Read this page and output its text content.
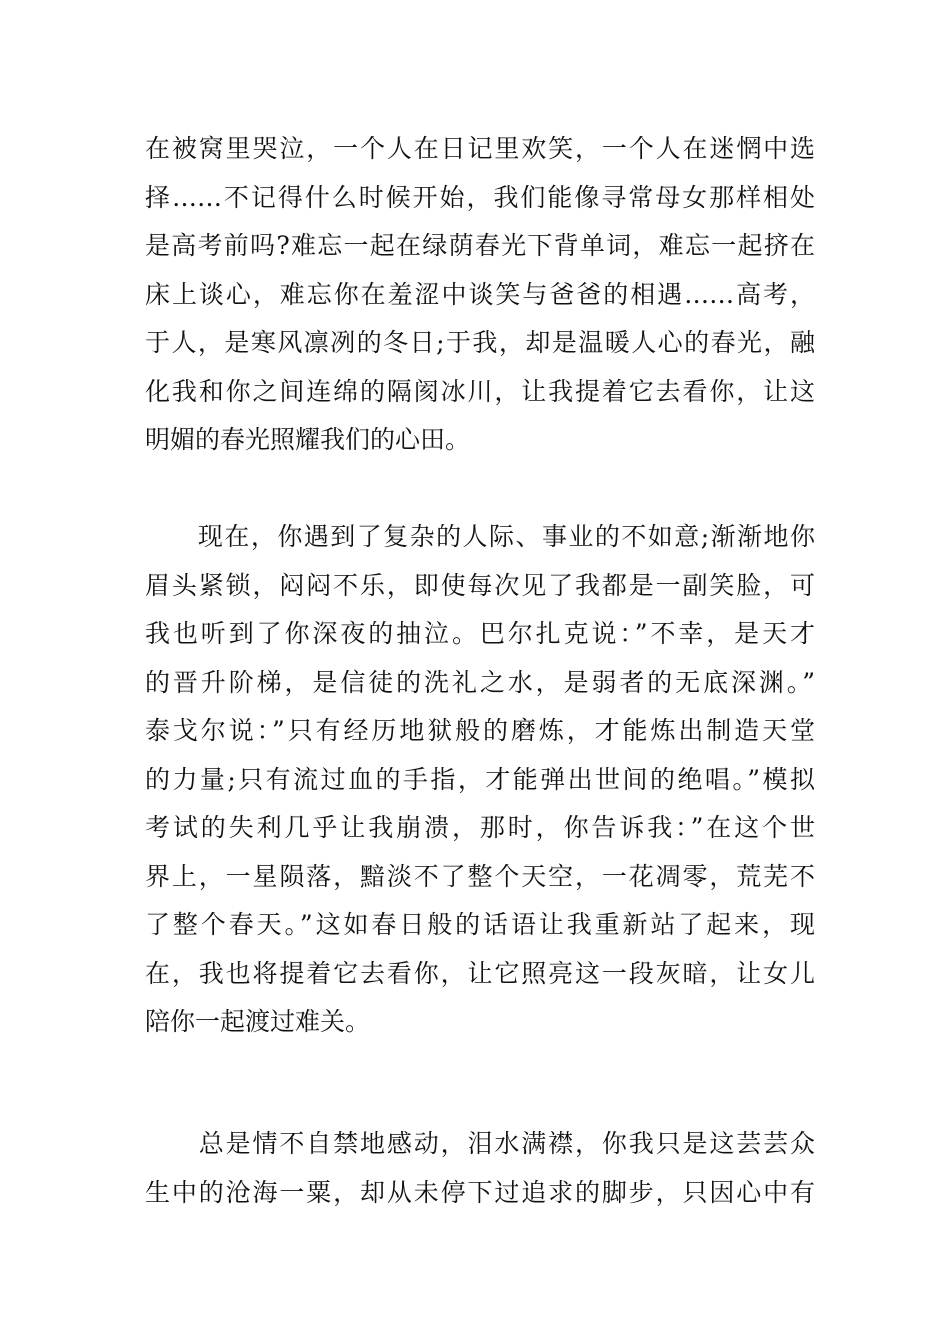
在被窝里哭泣，一个人在日记里欢笑，一个人在迷惘中选
择……不记得什么时候开始，我们能像寻常母女那样相处
是高考前吗?难忘一起在绿荫春光下背单词，难忘一起挤在
床上谈心，难忘你在羞涩中谈笑与爸爸的相遇……高考，
于人，是寒风凛冽的冬日;于我，却是温暖人心的春光，融
化我和你之间连绵的隔阂冰川，让我提着它去看你，让这
明媚的春光照耀我们的心田。
　　现在，你遇到了复杂的人际、事业的不如意;渐渐地你
眉头紧锁，闷闷不乐，即使每次见了我都是一副笑脸，可
我也听到了你深夜的抽泣。巴尔扎克说：”不幸，是天才
的晋升阶梯，是信徒的洗礼之水，是弱者的无底深渊。”
泰戈尔说：”只有经历地狱般的磨炼，才能炼出制造天堂
的力量;只有流过血的手指，才能弹出世间的绝唱。”模拟
考试的失利几乎让我崩溃，那时，你告诉我：”在这个世
界上，一星陨落，黯淡不了整个天空，一花凋零，荒芜不
了整个春天。”这如春日般的话语让我重新站了起来，现
在，我也将提着它去看你，让它照亮这一段灰暗，让女儿
陪你一起渡过难关。
　　总是情不自禁地感动，泪水满襟，你我只是这芸芸众
生中的沧海一粟，却从未停下过追求的脚步，只因心中有
